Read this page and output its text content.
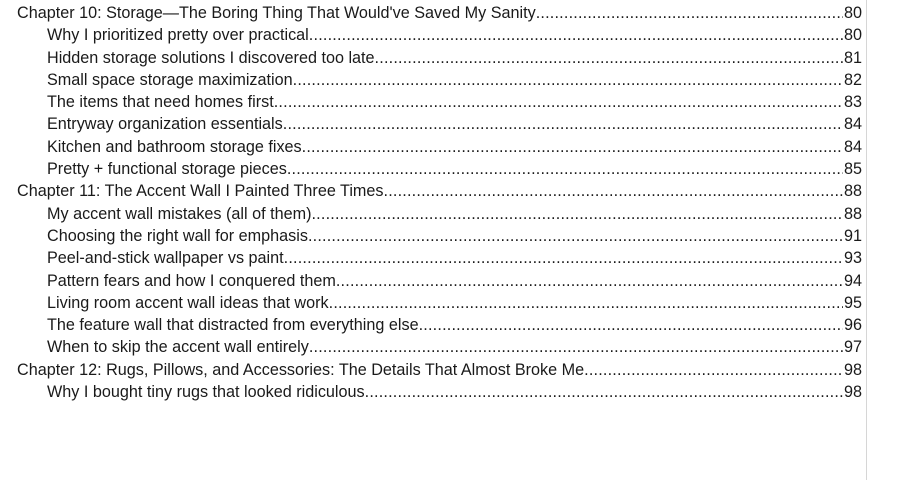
Chapter 10: Storage—The Boring Thing That Would've Saved My Sanity .....	80
Why I prioritized pretty over practical .....	80
Hidden storage solutions I discovered too late .....	81
Small space storage maximization .....	82
The items that need homes first .....	83
Entryway organization essentials .....	84
Kitchen and bathroom storage fixes .....	84
Pretty + functional storage pieces .....	85
Chapter 11: The Accent Wall I Painted Three Times .....	88
My accent wall mistakes (all of them) .....	88
Choosing the right wall for emphasis .....	91
Peel-and-stick wallpaper vs paint .....	93
Pattern fears and how I conquered them .....	94
Living room accent wall ideas that work .....	95
The feature wall that distracted from everything else .....	96
When to skip the accent wall entirely .....	97
Chapter 12: Rugs, Pillows, and Accessories: The Details That Almost Broke Me .....	98
Why I bought tiny rugs that looked ridiculous .....	98
